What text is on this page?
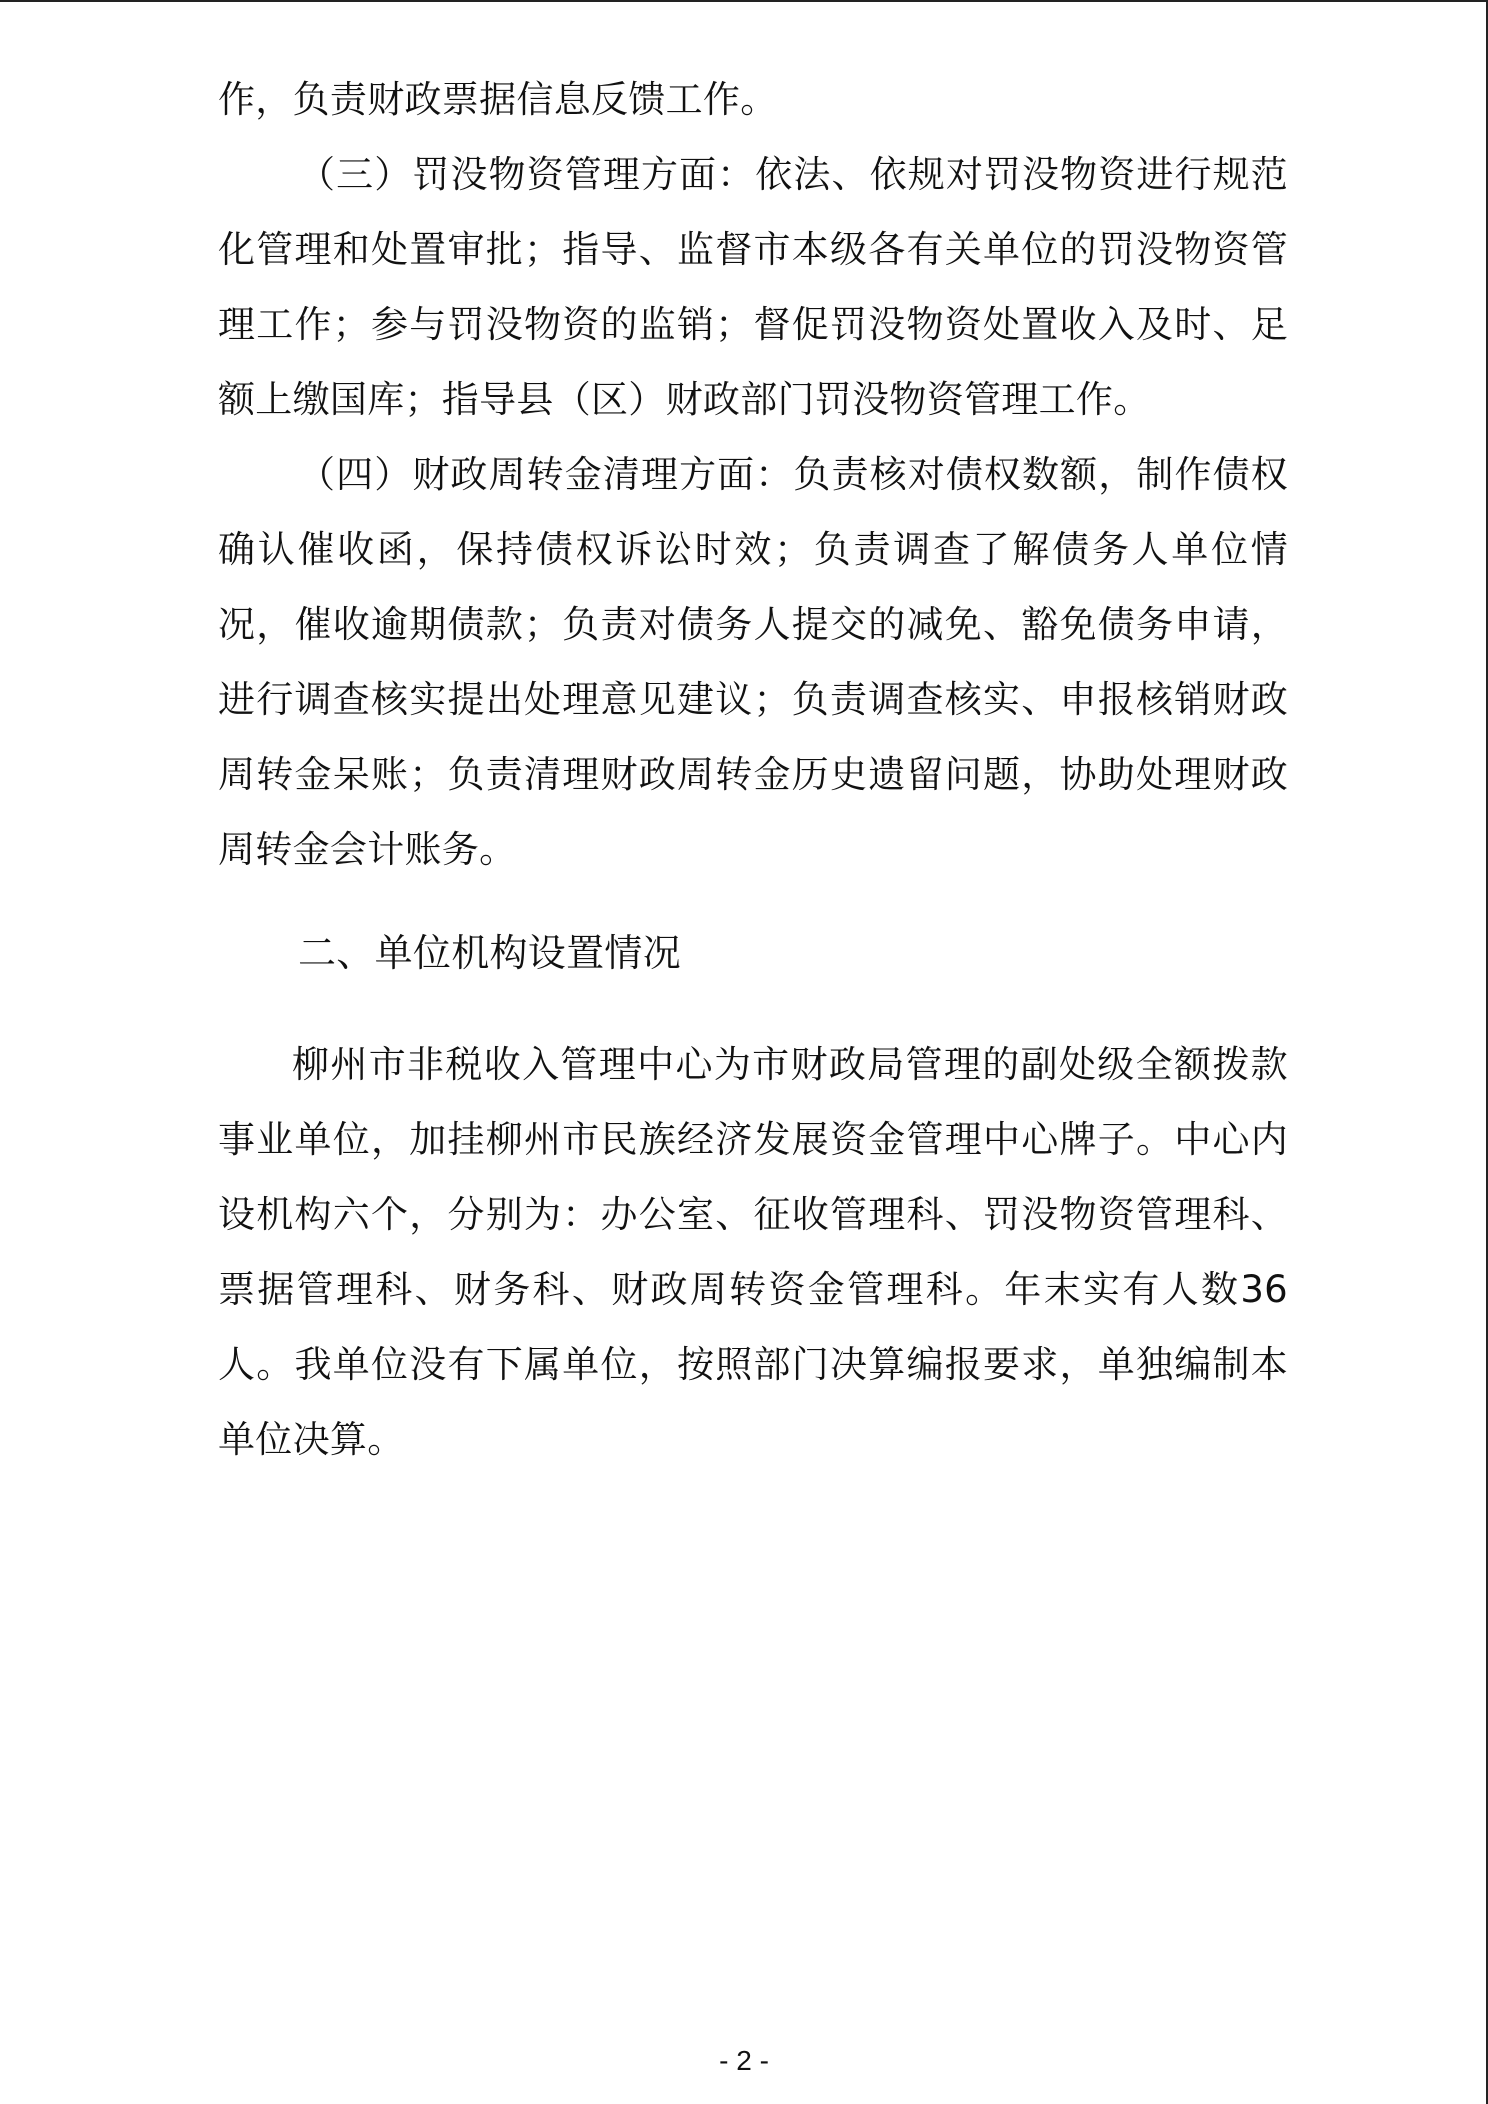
作，负责财政票据信息反馈工作。
（三）罚没物资管理方面：依法、依规对罚没物资进行规范
化管理和处置审批；指导、监督市本级各有关单位的罚没物资管
理工作；参与罚没物资的监销；督促罚没物资处置收入及时、足
额上缴国库；指导县（区）财政部门罚没物资管理工作。
（四）财政周转金清理方面：负责核对债权数额，制作债权
确认催收函，保持债权诉讼时效；负责调查了解债务人单位情
况，催收逾期债款；负责对债务人提交的减免、豁免债务申请，
进行调查核实提出处理意见建议；负责调查核实、申报核销财政
周转金呆账；负责清理财政周转金历史遗留问题，协助处理财政
周转金会计账务。
二、单位机构设置情况
柳州市非税收入管理中心为市财政局管理的副处级全额拨款
事业单位，加挂柳州市民族经济发展资金管理中心牌子。中心内
设机构六个，分别为：办公室、征收管理科、罚没物资管理科、
票据管理科、财务科、财政周转资金管理科。年末实有人数36
人。我单位没有下属单位，按照部门决算编报要求，单独编制本
单位决算。
- 2 -
